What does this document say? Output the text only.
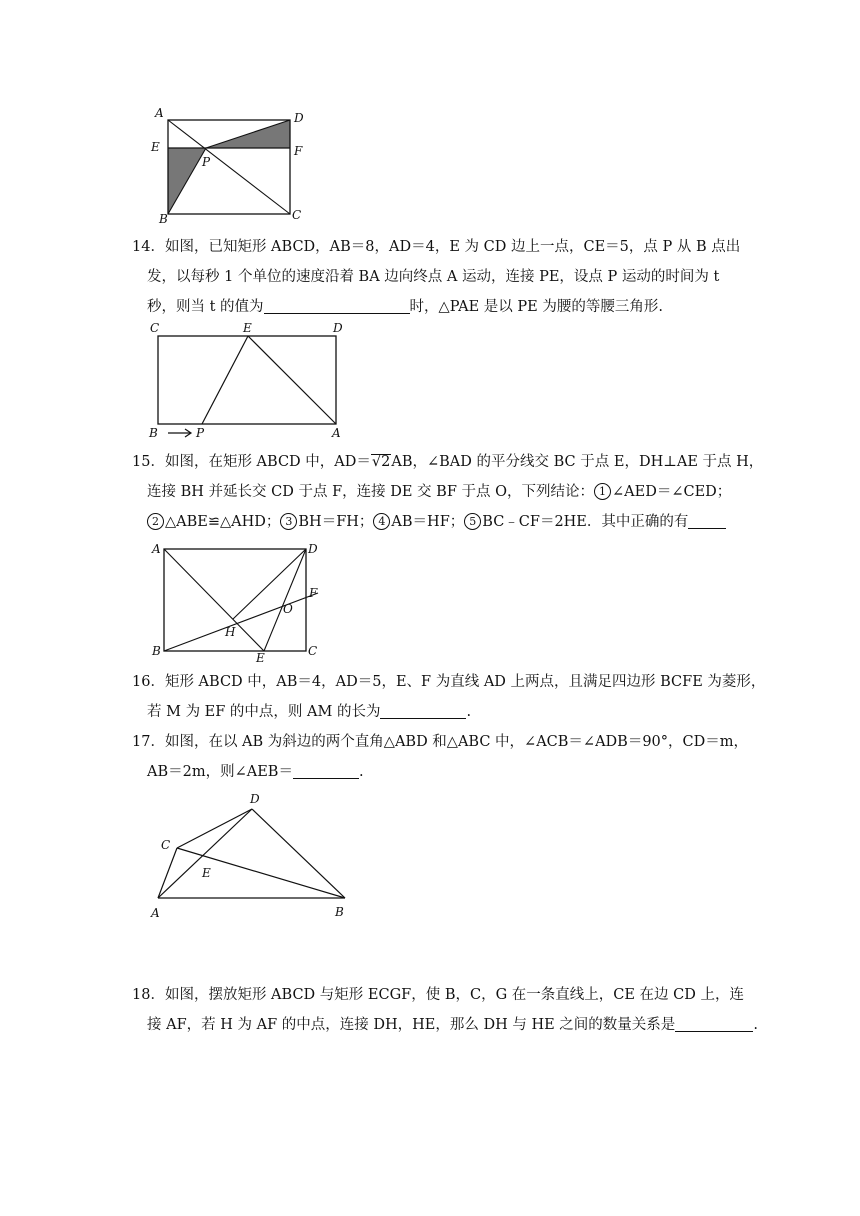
A	D
E	F
P
B	C
14．如图，已知矩形 ABCD，AB＝8，AD＝4，E 为 CD 边上一点，CE＝5，点 P 从 B 点出
发，以每秒 1 个单位的速度沿着 BA 边向终点 A 运动，连接 PE，设点 P 运动的时间为 t
秒，则当 t 的值为	时，△PAE 是以 PE 为腰的等腰三角形.
C	E	D
B	P	A
15．如图，在矩形 ABCD 中，AD＝√2AB，∠BAD 的平分线交 BC 于点 E，DH⊥AE 于点 H，
连接 BH 并延长交 CD 于点 F，连接 DE 交 BF 于点 O，下列结论： 1 ∠AED＝∠CED；
2 △ABE≌△AHD； 3 BH＝FH； 4 AB＝HF； 5 BC﹣CF＝2HE．其中正确的有
A	D
F
O
H
B	E	C
16．矩形 ABCD 中，AB＝4，AD＝5，E、F 为直线 AD 上两点，且满足四边形 BCFE 为菱形，
若 M 为 EF 的中点，则 AM 的长为	.
17．如图，在以 AB 为斜边的两个直角△ABD 和△ABC 中，∠ACB＝∠ADB＝90°，CD＝m，
AB＝2m，则∠AEB＝	.
D
C
E
A	B
18．如图，摆放矩形 ABCD 与矩形 ECGF，使 B，C，G 在一条直线上，CE 在边 CD 上，连
接 AF，若 H 为 AF 的中点，连接 DH，HE，那么 DH 与 HE 之间的数量关系是	.
